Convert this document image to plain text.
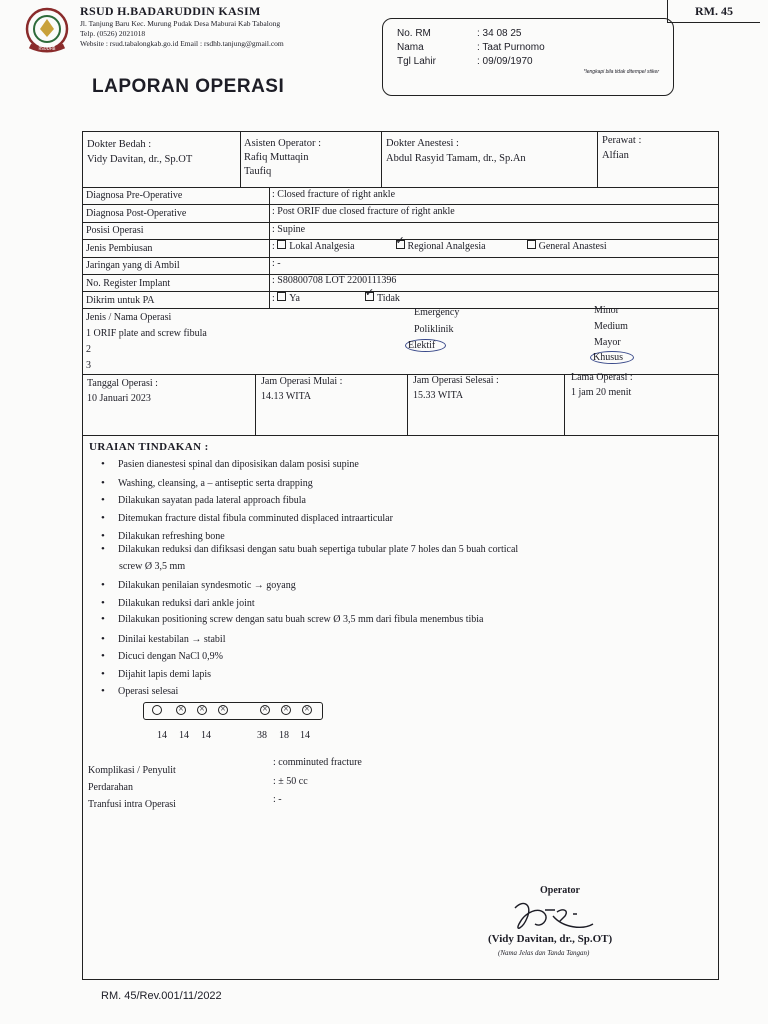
RSUDHB
RSUD H.BADARUDDIN KASIM
Jl. Tanjung Baru Kec. Murung Pudak Desa Maburai Kab Tabalong
Telp. (0526) 2021018
Website : rsud.tabalongkab.go.id Email : rsdhb.tanjung@gmail.com
RM. 45
No. RM	: 34 08 25
Nama	: Taat Purnomo
Tgl Lahir	: 09/09/1970
*lengkapi bila tidak ditempel stiker
LAPORAN OPERASI
Dokter Bedah :
Vidy Davitan, dr., Sp.OT
Asisten Operator :
Rafiq Muttaqin
Taufiq
Dokter Anestesi :
Abdul Rasyid Tamam, dr., Sp.An
Perawat :
Alfian
Diagnosa Pre-Operative	: Closed fracture of right ankle
Diagnosa Post-Operative	: Post ORIF due closed fracture of right ankle
Posisi Operasi	: Supine
Jenis Pembiusan	: Lokal Analgesia	✓ Regional Analgesia	General Anastesi
Jaringan yang di Ambil	: -
No. Register Implant	: S80800708 LOT 2200111396
Dikrim untuk PA	: Ya	✓ Tidak
Jenis / Nama Operasi
1 ORIF plate and screw fibula
2
3
Emergency
Poliklinik
Elektif
Minor
Medium
Mayor
Khusus
Tanggal Operasi :
10 Januari 2023
Jam Operasi Mulai :
14.13 WITA
Jam Operasi Selesai :
15.33 WITA
Lama Operasi :
1 jam 20 menit
URAIAN TINDAKAN :
• Pasien dianestesi spinal dan diposisikan dalam posisi supine
• Washing, cleansing, a – antiseptic serta drapping
• Dilakukan sayatan pada lateral approach fibula
• Ditemukan fracture distal fibula comminuted displaced intraarticular
• Dilakukan refreshing bone
• Dilakukan reduksi dan difiksasi dengan satu buah sepertiga tubular plate 7 holes dan 5 buah cortical
screw Ø 3,5 mm
• Dilakukan penilaian syndesmotic → goyang
• Dilakukan reduksi dari ankle joint
• Dilakukan positioning screw dengan satu buah screw Ø 3,5 mm dari fibula menembus tibia
• Dinilai kestabilan → stabil
• Dicuci dengan NaCl 0,9%
• Dijahit lapis demi lapis
• Operasi selesai
×
×
×
×
×
×
14 14 14	38 18 14
Komplikasi / Penyulit
: comminuted fracture
Perdarahan
: ± 50 cc
Tranfusi intra Operasi	: -
Operator
(Vidy Davitan, dr., Sp.OT)
(Nama Jelas dan Tanda Tangan)
RM. 45/Rev.001/11/2022
